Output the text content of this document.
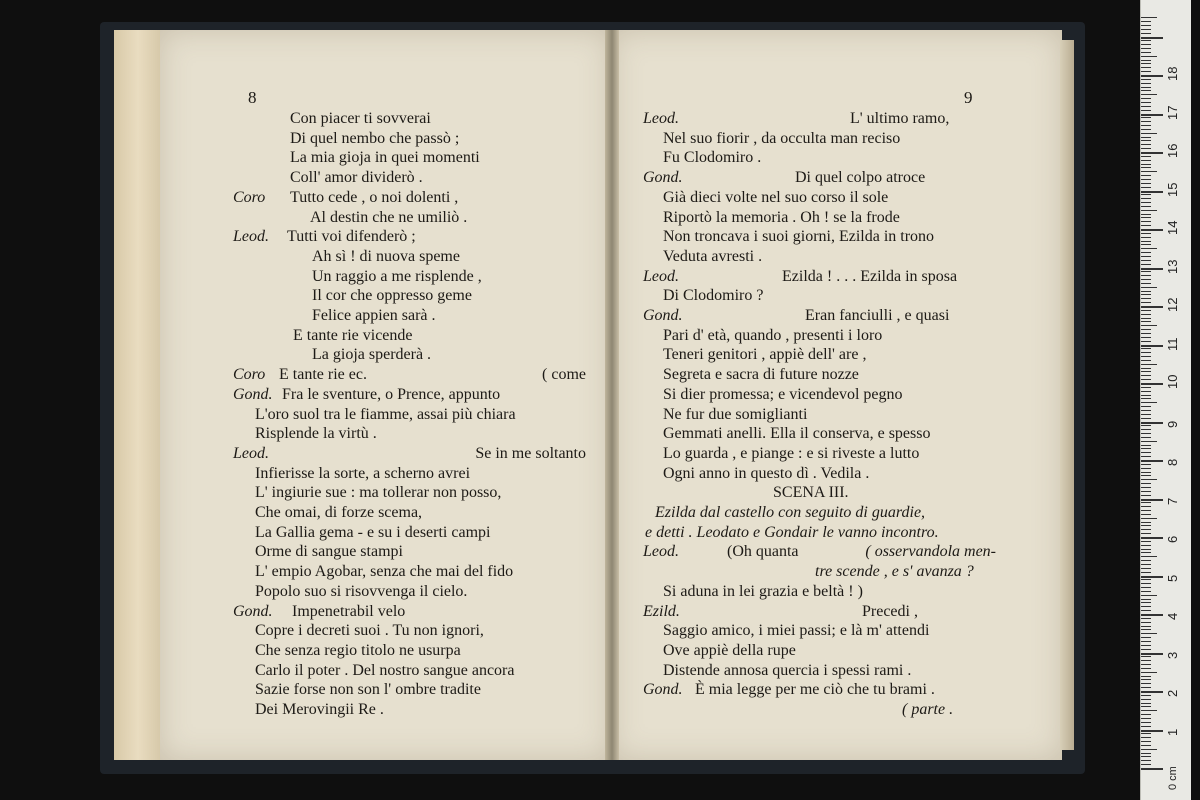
8	9
Con piacer ti sovverai
Di quel nembo che passò ;
La mia gioja in quei momenti
Coll' amor dividerò .
Coro Tutto cede , o noi dolenti ,
Al destin che ne umiliò .
Leod. Tutti voi difenderò ;
Ah sì ! di nuova speme
Un raggio a me risplende ,
Il cor che oppresso geme
Felice appien sarà .
E tante rie vicende
La gioja sperderà .
Coro E tante rie ec.	( come
Gond. Fra le sventure, o Prence, appunto
L'oro suol tra le fiamme, assai più chiara
Risplende la virtù .
Leod.	Se in me soltanto
Infierisse la sorte, a scherno avrei
L' ingiurie sue : ma tollerar non posso,
Che omai, di forze scema,
La Gallia gema - e su i deserti campi
Orme di sangue stampi
L' empio Agobar, senza che mai del fido
Popolo suo si risovvenga il cielo.
Gond. Impenetrabil velo
Copre i decreti suoi . Tu non ignori,
Che senza regio titolo ne usurpa
Carlo il poter . Del nostro sangue ancora
Sazie forse non son l' ombre tradite
Dei Merovingii Re .
Leod.	L' ultimo ramo,
Nel suo fiorir , da occulta man reciso
Fu Clodomiro .
Gond.	Di quel colpo atroce
Già dieci volte nel suo corso il sole
Riportò la memoria . Oh ! se la frode
Non troncava i suoi giorni, Ezilda in trono
Veduta avresti .
Leod.	Ezilda ! . . . Ezilda in sposa
Di Clodomiro ?
Gond.	Eran fanciulli , e quasi
Pari d' età, quando , presenti i loro
Teneri genitori , appiè dell' are ,
Segreta e sacra di future nozze
Si dier promessa; e vicendevol pegno
Ne fur due somiglianti
Gemmati anelli. Ella il conserva, e spesso
Lo guarda , e piange : e si riveste a lutto
Ogni anno in questo dì . Vedila .
SCENA III.
Ezilda dal castello con seguito di guardie,
e detti . Leodato e Gondair le vanno incontro.
Leod.	(Oh quanta	( osservandola men-
tre scende , e s' avanza ?
Si aduna in lei grazia e beltà ! )
Ezild.	Precedi ,
Saggio amico, i miei passi; e là m' attendi
Ove appiè della rupe
Distende annosa quercia i spessi rami .
Gond. È mia legge per me ciò che tu brami .
( parte .
0 cm
1
2
3
4
5
6
7
8
9
10
11
12
13
14
15
16
17
18
